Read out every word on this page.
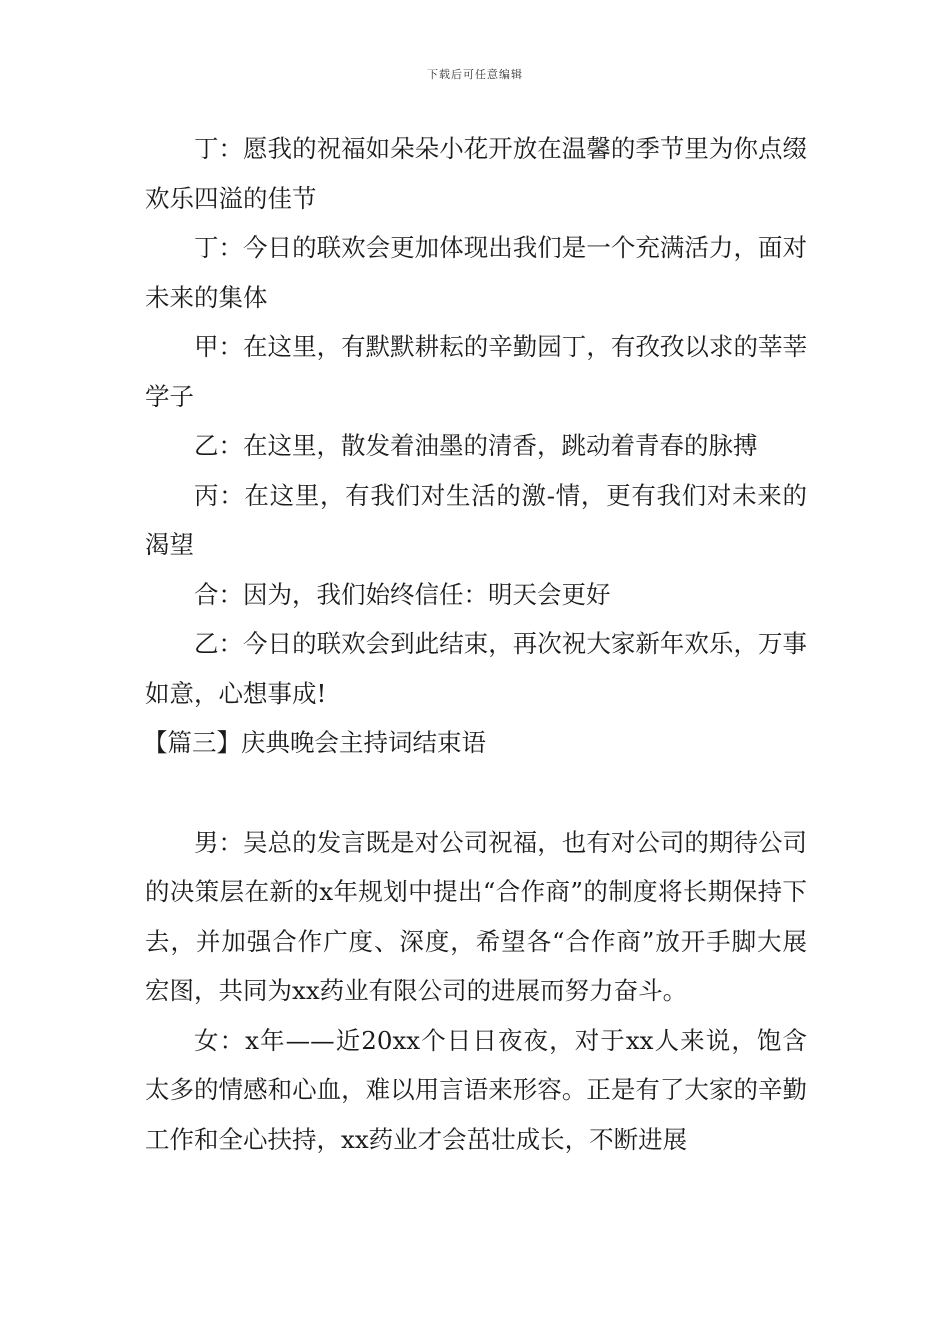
下载后可任意编辑

丁：愿我的祝福如朵朵小花开放在温馨的季节里为你点缀欢乐四溢的佳节

丁：今日的联欢会更加体现出我们是一个充满活力，面对未来的集体

甲：在这里，有默默耕耘的辛勤园丁，有孜孜以求的莘莘学子

乙：在这里，散发着油墨的清香，跳动着青春的脉搏

丙：在这里，有我们对生活的激-情，更有我们对未来的渴望

合：因为，我们始终信任：明天会更好

乙：今日的联欢会到此结束，再次祝大家新年欢乐，万事如意，心想事成!

【篇三】庆典晚会主持词结束语

男：吴总的发言既是对公司祝福，也有对公司的期待公司的决策层在新的x年规划中提出“合作商”的制度将长期保持下去，并加强合作广度、深度，希望各“合作商”放开手脚大展宏图，共同为xx药业有限公司的进展而努力奋斗。

女：x年——近20xx个日日夜夜，对于xx人来说，饱含太多的情感和心血，难以用言语来形容。正是有了大家的辛勤工作和全心扶持，xx药业才会茁壮成长，不断进展
